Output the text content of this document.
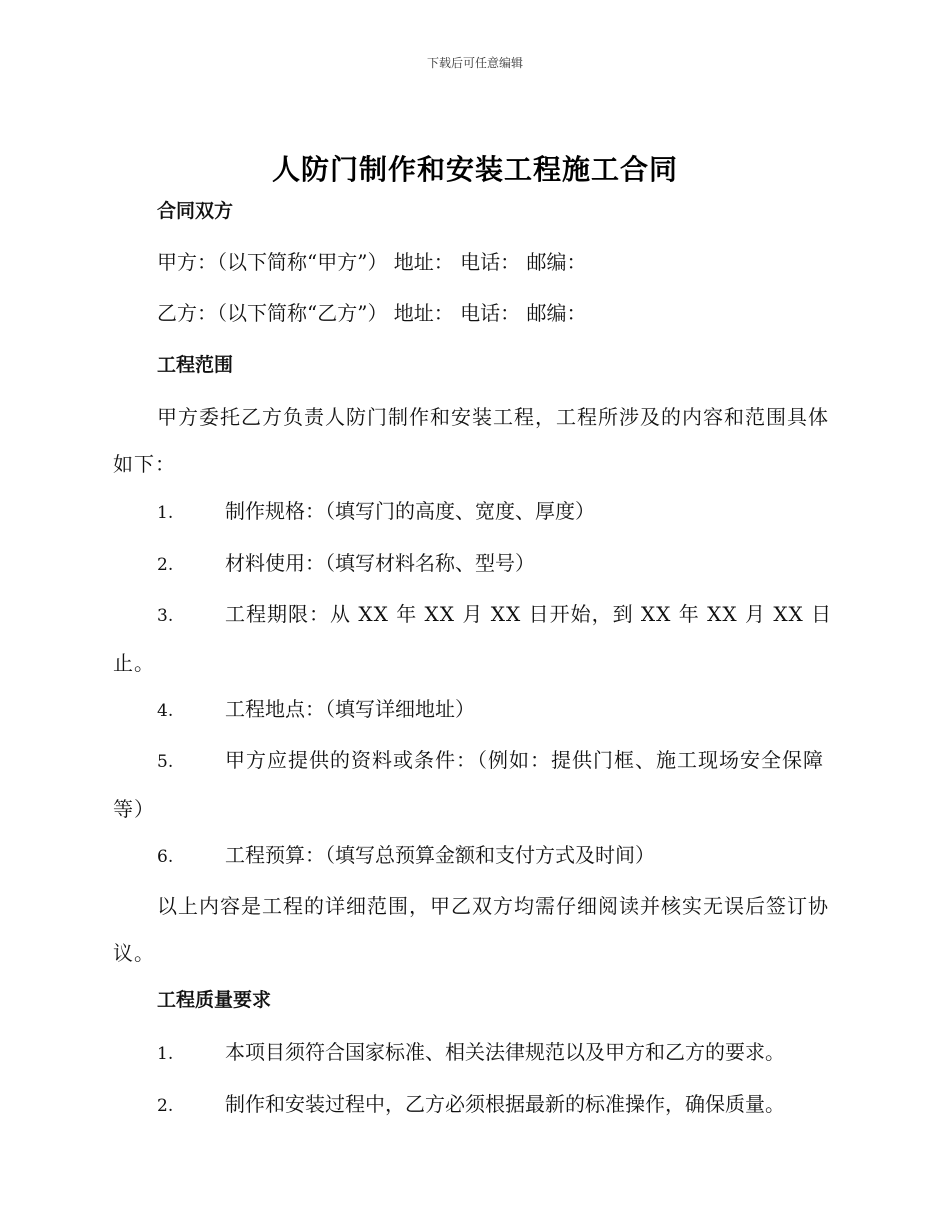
下载后可任意编辑
人防门制作和安装工程施工合同
合同双方
甲方：（以下简称“甲方”） 地址： 电话： 邮编：
乙方：（以下简称“乙方”） 地址： 电话： 邮编：
工程范围
甲方委托乙方负责人防门制作和安装工程，工程所涉及的内容和范围具体如下：
1.	制作规格：（填写门的高度、宽度、厚度）
2.	材料使用：（填写材料名称、型号）
3.	工程期限：从 XX 年 XX 月 XX 日开始，到 XX 年 XX 月 XX 日止。
4.	工程地点：（填写详细地址）
5.	甲方应提供的资料或条件：（例如：提供门框、施工现场安全保障等）
6.	工程预算：（填写总预算金额和支付方式及时间）
以上内容是工程的详细范围，甲乙双方均需仔细阅读并核实无误后签订协议。
工程质量要求
1.	本项目须符合国家标准、相关法律规范以及甲方和乙方的要求。
2.	制作和安装过程中，乙方必须根据最新的标准操作，确保质量。
